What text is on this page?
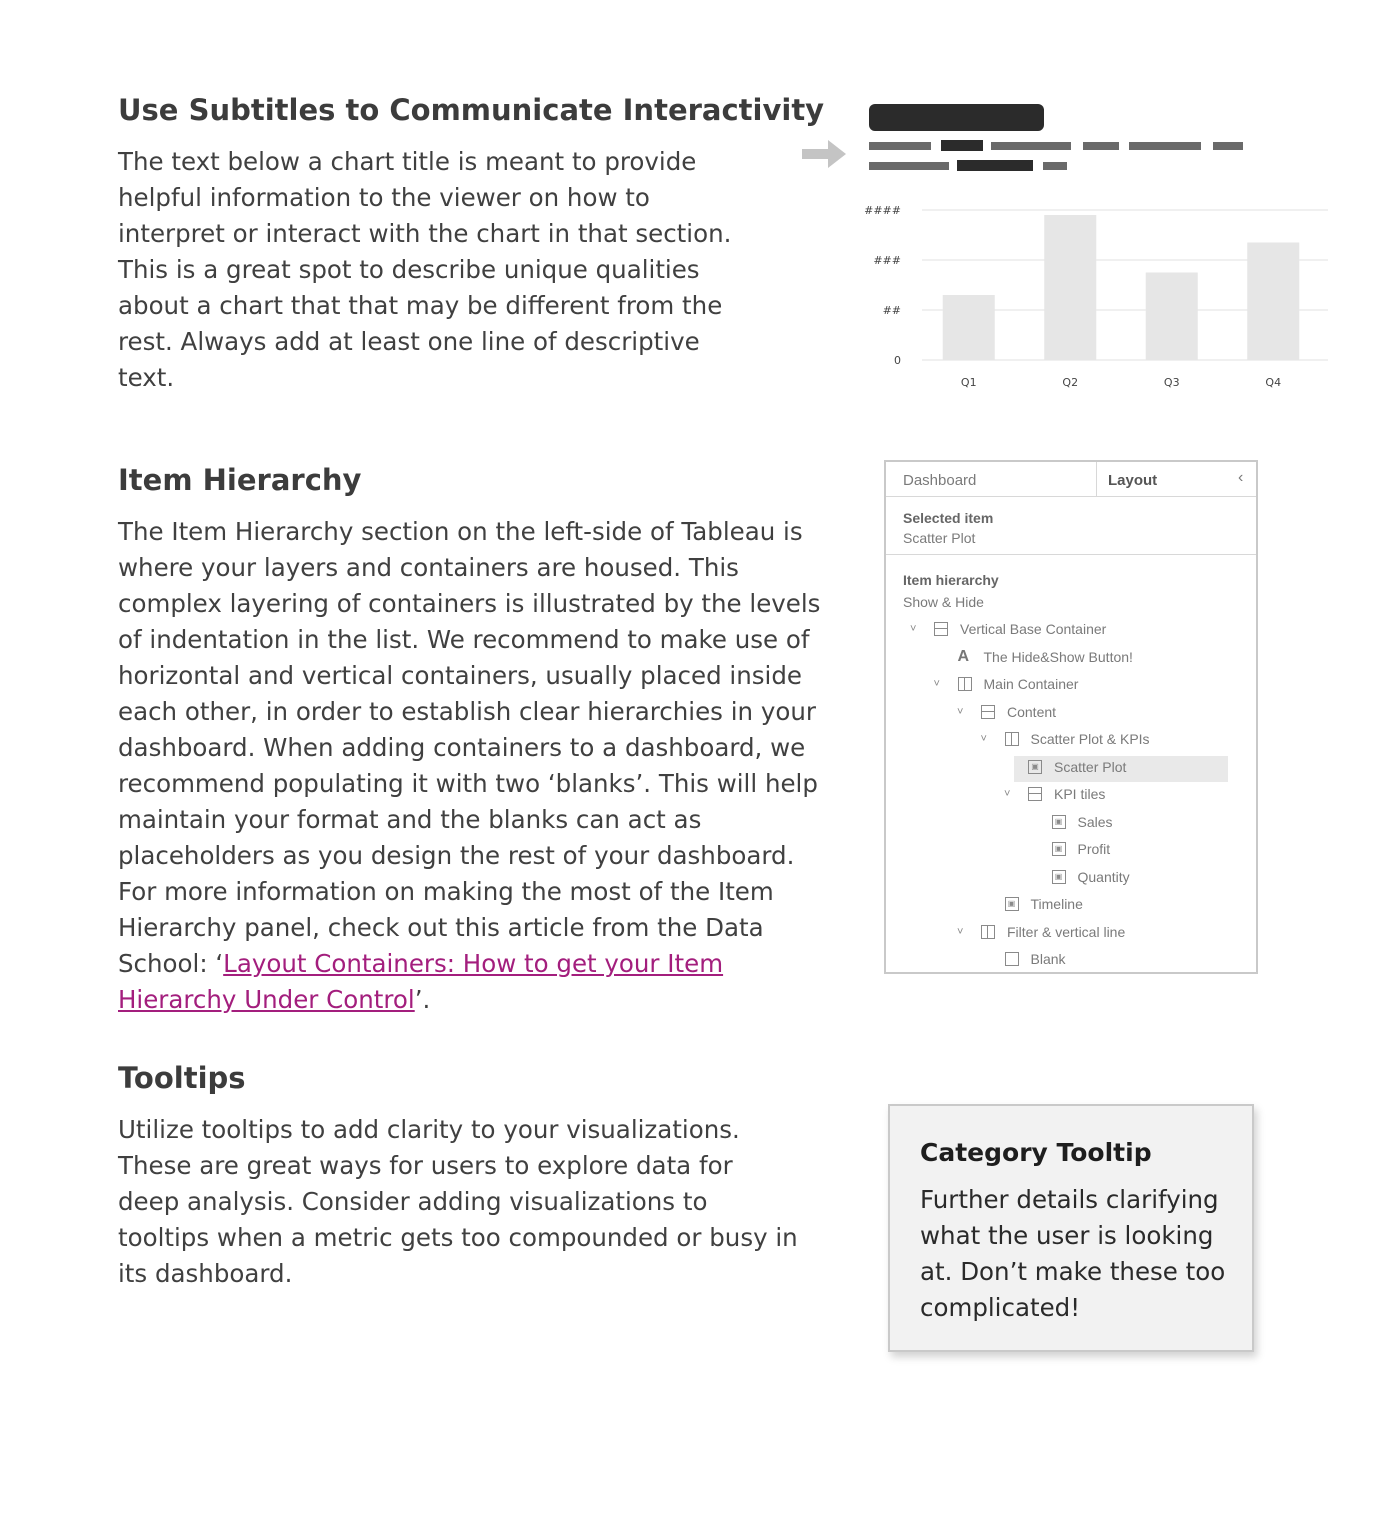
Use Subtitles to Communicate Interactivity

The text below a chart title is meant to provide helpful information to the viewer on how to interpret or interact with the chart in that section. This is a great spot to describe unique qualities about a chart that that may be different from the rest. Always add at least one line of descriptive text.

0
##
###
####
Q1	Q2	Q3	Q4
Item Hierarchy

The Item Hierarchy section on the left-side of Tableau is where your layers and containers are housed. This complex layering of containers is illustrated by the levels of indentation in the list. We recommend to make use of horizontal and vertical containers, usually placed inside each other, in order to establish clear hierarchies in your dashboard. When adding containers to a dashboard, we recommend populating it with two ‘blanks’. This will help maintain your format and the blanks can act as placeholders as you design the rest of your dashboard. For more information on making the most of the Item Hierarchy panel, check out this article from the Data School: ‘Layout Containers: How to get your Item Hierarchy Under Control’.

Dashboard	Layout	‹
Selected item
Scatter Plot
Item hierarchy
Show & Hide
˅	Vertical Base Container
A The Hide&Show Button!
˅	Main Container
˅	Content
˅	Scatter Plot & KPIs
▣ Scatter Plot
˅	KPI tiles
▣ Sales
▣ Profit
▣ Quantity
▣ Timeline
˅	Filter & vertical line
Blank
Tooltips

Utilize tooltips to add clarity to your visualizations. These are great ways for users to explore data for deep analysis. Consider adding visualizations to tooltips when a metric gets too compounded or busy in its dashboard.

Category Tooltip

Further details clarifying what the user is looking at. Don’t make these too complicated!
